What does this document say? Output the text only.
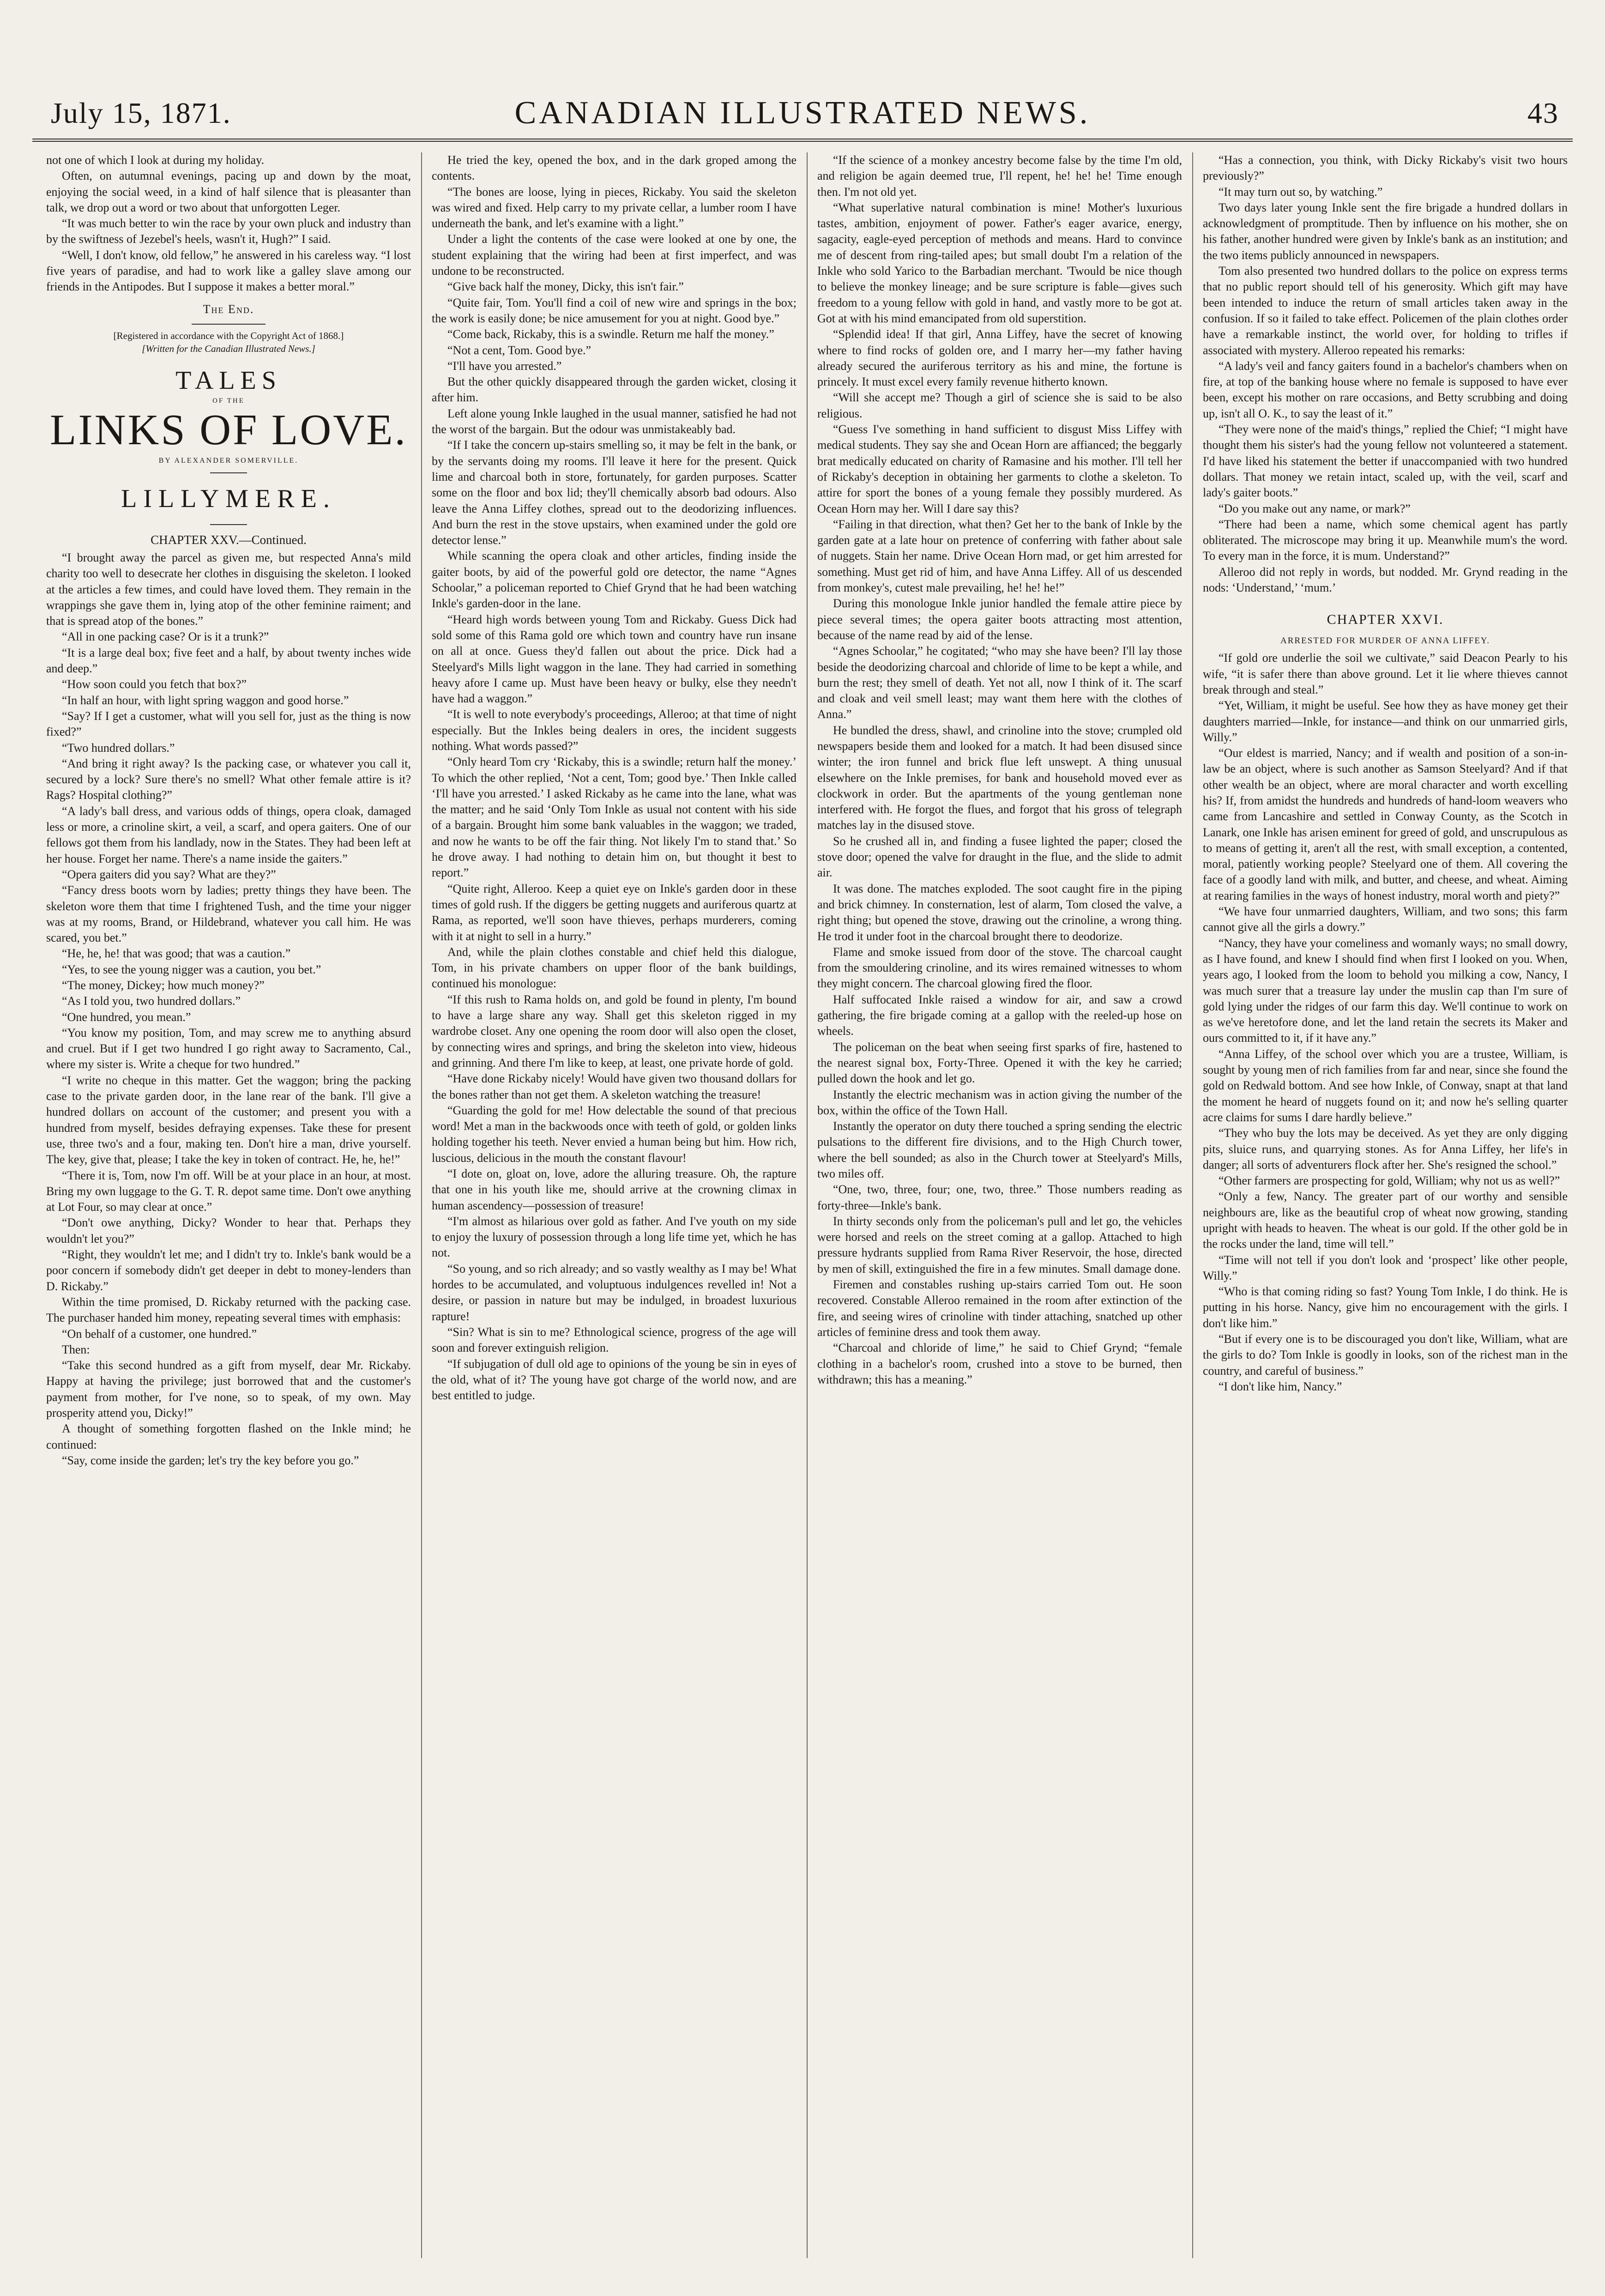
July 15, 1871.	CANADIAN ILLUSTRATED NEWS.	43

not one of which I look at during my holiday.

Often, on autumnal evenings, pacing up and down by the moat, enjoying the social weed, in a kind of half silence that is pleasanter than talk, we drop out a word or two about that unforgotten Leger.

“It was much better to win the race by your own pluck and industry than by the swiftness of Jezebel's heels, wasn't it, Hugh?” I said.

“Well, I don't know, old fellow,” he answered in his careless way. “I lost five years of paradise, and had to work like a galley slave among our friends in the Antipodes. But I suppose it makes a better moral.”

The End.

[Registered in accordance with the Copyright Act of 1868.]

[Written for the Canadian Illustrated News.]

TALES

OF THE

LINKS OF LOVE.

BY ALEXANDER SOMERVILLE.

LILLYMERE.

CHAPTER XXV.—Continued.

“I brought away the parcel as given me, but respected Anna's mild charity too well to desecrate her clothes in disguising the skeleton. I looked at the articles a few times, and could have loved them. They remain in the wrappings she gave them in, lying atop of the other feminine raiment; and that is spread atop of the bones.”

“All in one packing case? Or is it a trunk?”

“It is a large deal box; five feet and a half, by about twenty inches wide and deep.”

“How soon could you fetch that box?”

“In half an hour, with light spring waggon and good horse.”

“Say? If I get a customer, what will you sell for, just as the thing is now fixed?”

“Two hundred dollars.”

“And bring it right away? Is the packing case, or whatever you call it, secured by a lock? Sure there's no smell? What other female attire is it? Rags? Hospital clothing?”

“A lady's ball dress, and various odds of things, opera cloak, damaged less or more, a crinoline skirt, a veil, a scarf, and opera gaiters. One of our fellows got them from his landlady, now in the States. They had been left at her house. Forget her name. There's a name inside the gaiters.”

“Opera gaiters did you say? What are they?”

“Fancy dress boots worn by ladies; pretty things they have been. The skeleton wore them that time I frightened Tush, and the time your nigger was at my rooms, Brand, or Hildebrand, whatever you call him. He was scared, you bet.”

“He, he, he! that was good; that was a caution.”

“Yes, to see the young nigger was a caution, you bet.”

“The money, Dickey; how much money?”

“As I told you, two hundred dollars.”

“One hundred, you mean.”

“You know my position, Tom, and may screw me to anything absurd and cruel. But if I get two hundred I go right away to Sacramento, Cal., where my sister is. Write a cheque for two hundred.”

“I write no cheque in this matter. Get the waggon; bring the packing case to the private garden door, in the lane rear of the bank. I'll give a hundred dollars on account of the customer; and present you with a hundred from myself, besides defraying expenses. Take these for present use, three two's and a four, making ten. Don't hire a man, drive yourself. The key, give that, please; I take the key in token of contract. He, he, he!”

“There it is, Tom, now I'm off. Will be at your place in an hour, at most. Bring my own luggage to the G. T. R. depot same time. Don't owe anything at Lot Four, so may clear at once.”

“Don't owe anything, Dicky? Wonder to hear that. Perhaps they wouldn't let you?”

“Right, they wouldn't let me; and I didn't try to. Inkle's bank would be a poor concern if somebody didn't get deeper in debt to money-lenders than D. Rickaby.”

Within the time promised, D. Rickaby returned with the packing case. The purchaser handed him money, repeating several times with emphasis:

“On behalf of a customer, one hundred.”

Then:

“Take this second hundred as a gift from myself, dear Mr. Rickaby. Happy at having the privilege; just borrowed that and the customer's payment from mother, for I've none, so to speak, of my own. May prosperity attend you, Dicky!”

A thought of something forgotten flashed on the Inkle mind; he continued:

“Say, come inside the garden; let's try the key before you go.”

He tried the key, opened the box, and in the dark groped among the contents.

“The bones are loose, lying in pieces, Rickaby. You said the skeleton was wired and fixed. Help carry to my private cellar, a lumber room I have underneath the bank, and let's examine with a light.”

Under a light the contents of the case were looked at one by one, the student explaining that the wiring had been at first imperfect, and was undone to be reconstructed.

“Give back half the money, Dicky, this isn't fair.”

“Quite fair, Tom. You'll find a coil of new wire and springs in the box; the work is easily done; be nice amusement for you at night. Good bye.”

“Come back, Rickaby, this is a swindle. Return me half the money.”

“Not a cent, Tom. Good bye.”

“I'll have you arrested.”

But the other quickly disappeared through the garden wicket, closing it after him.

Left alone young Inkle laughed in the usual manner, satisfied he had not the worst of the bargain. But the odour was unmistakeably bad.

“If I take the concern up-stairs smelling so, it may be felt in the bank, or by the servants doing my rooms. I'll leave it here for the present. Quick lime and charcoal both in store, fortunately, for garden purposes. Scatter some on the floor and box lid; they'll chemically absorb bad odours. Also leave the Anna Liffey clothes, spread out to the deodorizing influences. And burn the rest in the stove upstairs, when examined under the gold ore detector lense.”

While scanning the opera cloak and other articles, finding inside the gaiter boots, by aid of the powerful gold ore detector, the name “Agnes Schoolar,” a policeman reported to Chief Grynd that he had been watching Inkle's garden-door in the lane.

“Heard high words between young Tom and Rickaby. Guess Dick had sold some of this Rama gold ore which town and country have run insane on all at once. Guess they'd fallen out about the price. Dick had a Steelyard's Mills light waggon in the lane. They had carried in something heavy afore I came up. Must have been heavy or bulky, else they needn't have had a waggon.”

“It is well to note everybody's proceedings, Alleroo; at that time of night especially. But the Inkles being dealers in ores, the incident suggests nothing. What words passed?”

“Only heard Tom cry ‘Rickaby, this is a swindle; return half the money.’ To which the other replied, ‘Not a cent, Tom; good bye.’ Then Inkle called ‘I'll have you arrested.’ I asked Rickaby as he came into the lane, what was the matter; and he said ‘Only Tom Inkle as usual not content with his side of a bargain. Brought him some bank valuables in the waggon; we traded, and now he wants to be off the fair thing. Not likely I'm to stand that.’ So he drove away. I had nothing to detain him on, but thought it best to report.”

“Quite right, Alleroo. Keep a quiet eye on Inkle's garden door in these times of gold rush. If the diggers be getting nuggets and auriferous quartz at Rama, as reported, we'll soon have thieves, perhaps murderers, coming with it at night to sell in a hurry.”

And, while the plain clothes constable and chief held this dialogue, Tom, in his private chambers on upper floor of the bank buildings, continued his monologue:

“If this rush to Rama holds on, and gold be found in plenty, I'm bound to have a large share any way. Shall get this skeleton rigged in my wardrobe closet. Any one opening the room door will also open the closet, by connecting wires and springs, and bring the skeleton into view, hideous and grinning. And there I'm like to keep, at least, one private horde of gold.

“Have done Rickaby nicely! Would have given two thousand dollars for the bones rather than not get them. A skeleton watching the treasure!

“Guarding the gold for me! How delectable the sound of that precious word! Met a man in the backwoods once with teeth of gold, or golden links holding together his teeth. Never envied a human being but him. How rich, luscious, delicious in the mouth the constant flavour!

“I dote on, gloat on, love, adore the alluring treasure. Oh, the rapture that one in his youth like me, should arrive at the crowning climax in human ascendency—possession of treasure!

“I'm almost as hilarious over gold as father. And I've youth on my side to enjoy the luxury of possession through a long life time yet, which he has not.

“So young, and so rich already; and so vastly wealthy as I may be! What hordes to be accumulated, and voluptuous indulgences revelled in! Not a desire, or passion in nature but may be indulged, in broadest luxurious rapture!

“Sin? What is sin to me? Ethnological science, progress of the age will soon and forever extinguish religion.

“If subjugation of dull old age to opinions of the young be sin in eyes of the old, what of it? The young have got charge of the world now, and are best entitled to judge.

“If the science of a monkey ancestry become false by the time I'm old, and religion be again deemed true, I'll repent, he! he! he! Time enough then. I'm not old yet.

“What superlative natural combination is mine! Mother's luxurious tastes, ambition, enjoyment of power. Father's eager avarice, energy, sagacity, eagle-eyed perception of methods and means. Hard to convince me of descent from ring-tailed apes; but small doubt I'm a relation of the Inkle who sold Yarico to the Barbadian merchant. 'Twould be nice though to believe the monkey lineage; and be sure scripture is fable—gives such freedom to a young fellow with gold in hand, and vastly more to be got at. Got at with his mind emancipated from old superstition.

“Splendid idea! If that girl, Anna Liffey, have the secret of knowing where to find rocks of golden ore, and I marry her—my father having already secured the auriferous territory as his and mine, the fortune is princely. It must excel every family revenue hitherto known.

“Will she accept me? Though a girl of science she is said to be also religious.

“Guess I've something in hand sufficient to disgust Miss Liffey with medical students. They say she and Ocean Horn are affianced; the beggarly brat medically educated on charity of Ramasine and his mother. I'll tell her of Rickaby's deception in obtaining her garments to clothe a skeleton. To attire for sport the bones of a young female they possibly murdered. As Ocean Horn may her. Will I dare say this?

“Failing in that direction, what then? Get her to the bank of Inkle by the garden gate at a late hour on pretence of conferring with father about sale of nuggets. Stain her name. Drive Ocean Horn mad, or get him arrested for something. Must get rid of him, and have Anna Liffey. All of us descended from monkey's, cutest male prevailing, he! he! he!”

During this monologue Inkle junior handled the female attire piece by piece several times; the opera gaiter boots attracting most attention, because of the name read by aid of the lense.

“Agnes Schoolar,” he cogitated; “who may she have been? I'll lay those beside the deodorizing charcoal and chloride of lime to be kept a while, and burn the rest; they smell of death. Yet not all, now I think of it. The scarf and cloak and veil smell least; may want them here with the clothes of Anna.”

He bundled the dress, shawl, and crinoline into the stove; crumpled old newspapers beside them and looked for a match. It had been disused since winter; the iron funnel and brick flue left unswept. A thing unusual elsewhere on the Inkle premises, for bank and household moved ever as clockwork in order. But the apartments of the young gentleman none interfered with. He forgot the flues, and forgot that his gross of telegraph matches lay in the disused stove.

So he crushed all in, and finding a fusee lighted the paper; closed the stove door; opened the valve for draught in the flue, and the slide to admit air.

It was done. The matches exploded. The soot caught fire in the piping and brick chimney. In consternation, lest of alarm, Tom closed the valve, a right thing; but opened the stove, drawing out the crinoline, a wrong thing. He trod it under foot in the charcoal brought there to deodorize.

Flame and smoke issued from door of the stove. The charcoal caught from the smouldering crinoline, and its wires remained witnesses to whom they might concern. The charcoal glowing fired the floor.

Half suffocated Inkle raised a window for air, and saw a crowd gathering, the fire brigade coming at a gallop with the reeled-up hose on wheels.

The policeman on the beat when seeing first sparks of fire, hastened to the nearest signal box, Forty-Three. Opened it with the key he carried; pulled down the hook and let go.

Instantly the electric mechanism was in action giving the number of the box, within the office of the Town Hall.

Instantly the operator on duty there touched a spring sending the electric pulsations to the different fire divisions, and to the High Church tower, where the bell sounded; as also in the Church tower at Steelyard's Mills, two miles off.

“One, two, three, four; one, two, three.” Those numbers reading as forty-three—Inkle's bank.

In thirty seconds only from the policeman's pull and let go, the vehicles were horsed and reels on the street coming at a gallop. Attached to high pressure hydrants supplied from Rama River Reservoir, the hose, directed by men of skill, extinguished the fire in a few minutes. Small damage done.

Firemen and constables rushing up-stairs carried Tom out. He soon recovered. Constable Alleroo remained in the room after extinction of the fire, and seeing wires of crinoline with tinder attaching, snatched up other articles of feminine dress and took them away.

“Charcoal and chloride of lime,” he said to Chief Grynd; “female clothing in a bachelor's room, crushed into a stove to be burned, then withdrawn; this has a meaning.”

“Has a connection, you think, with Dicky Rickaby's visit two hours previously?”

“It may turn out so, by watching.”

Two days later young Inkle sent the fire brigade a hundred dollars in acknowledgment of promptitude. Then by influence on his mother, she on his father, another hundred were given by Inkle's bank as an institution; and the two items publicly announced in newspapers.

Tom also presented two hundred dollars to the police on express terms that no public report should tell of his generosity. Which gift may have been intended to induce the return of small articles taken away in the confusion. If so it failed to take effect. Policemen of the plain clothes order have a remarkable instinct, the world over, for holding to trifles if associated with mystery. Alleroo repeated his remarks:

“A lady's veil and fancy gaiters found in a bachelor's chambers when on fire, at top of the banking house where no female is supposed to have ever been, except his mother on rare occasions, and Betty scrubbing and doing up, isn't all O. K., to say the least of it.”

“They were none of the maid's things,” replied the Chief; “I might have thought them his sister's had the young fellow not volunteered a statement. I'd have liked his statement the better if unaccompanied with two hundred dollars. That money we retain intact, scaled up, with the veil, scarf and lady's gaiter boots.”

“Do you make out any name, or mark?”

“There had been a name, which some chemical agent has partly obliterated. The microscope may bring it up. Meanwhile mum's the word. To every man in the force, it is mum. Understand?”

Alleroo did not reply in words, but nodded. Mr. Grynd reading in the nods: ‘Understand,’ ‘mum.’

CHAPTER XXVI.

ARRESTED FOR MURDER OF ANNA LIFFEY.

“If gold ore underlie the soil we cultivate,” said Deacon Pearly to his wife, “it is safer there than above ground. Let it lie where thieves cannot break through and steal.”

“Yet, William, it might be useful. See how they as have money get their daughters married—Inkle, for instance—and think on our unmarried girls, Willy.”

“Our eldest is married, Nancy; and if wealth and position of a son-in-law be an object, where is such another as Samson Steelyard? And if that other wealth be an object, where are moral character and worth excelling his? If, from amidst the hundreds and hundreds of hand-loom weavers who came from Lancashire and settled in Conway County, as the Scotch in Lanark, one Inkle has arisen eminent for greed of gold, and unscrupulous as to means of getting it, aren't all the rest, with small exception, a contented, moral, patiently working people? Steelyard one of them. All covering the face of a goodly land with milk, and butter, and cheese, and wheat. Aiming at rearing families in the ways of honest industry, moral worth and piety?”

“We have four unmarried daughters, William, and two sons; this farm cannot give all the girls a dowry.”

“Nancy, they have your comeliness and womanly ways; no small dowry, as I have found, and knew I should find when first I looked on you. When, years ago, I looked from the loom to behold you milking a cow, Nancy, I was much surer that a treasure lay under the muslin cap than I'm sure of gold lying under the ridges of our farm this day. We'll continue to work on as we've heretofore done, and let the land retain the secrets its Maker and ours committed to it, if it have any.”

“Anna Liffey, of the school over which you are a trustee, William, is sought by young men of rich families from far and near, since she found the gold on Redwald bottom. And see how Inkle, of Conway, snapt at that land the moment he heard of nuggets found on it; and now he's selling quarter acre claims for sums I dare hardly believe.”

“They who buy the lots may be deceived. As yet they are only digging pits, sluice runs, and quarrying stones. As for Anna Liffey, her life's in danger; all sorts of adventurers flock after her. She's resigned the school.”

“Other farmers are prospecting for gold, William; why not us as well?”

“Only a few, Nancy. The greater part of our worthy and sensible neighbours are, like as the beautiful crop of wheat now growing, standing upright with heads to heaven. The wheat is our gold. If the other gold be in the rocks under the land, time will tell.”

“Time will not tell if you don't look and ‘prospect’ like other people, Willy.”

“Who is that coming riding so fast? Young Tom Inkle, I do think. He is putting in his horse. Nancy, give him no encouragement with the girls. I don't like him.”

“But if every one is to be discouraged you don't like, William, what are the girls to do? Tom Inkle is goodly in looks, son of the richest man in the country, and careful of business.”

“I don't like him, Nancy.”
